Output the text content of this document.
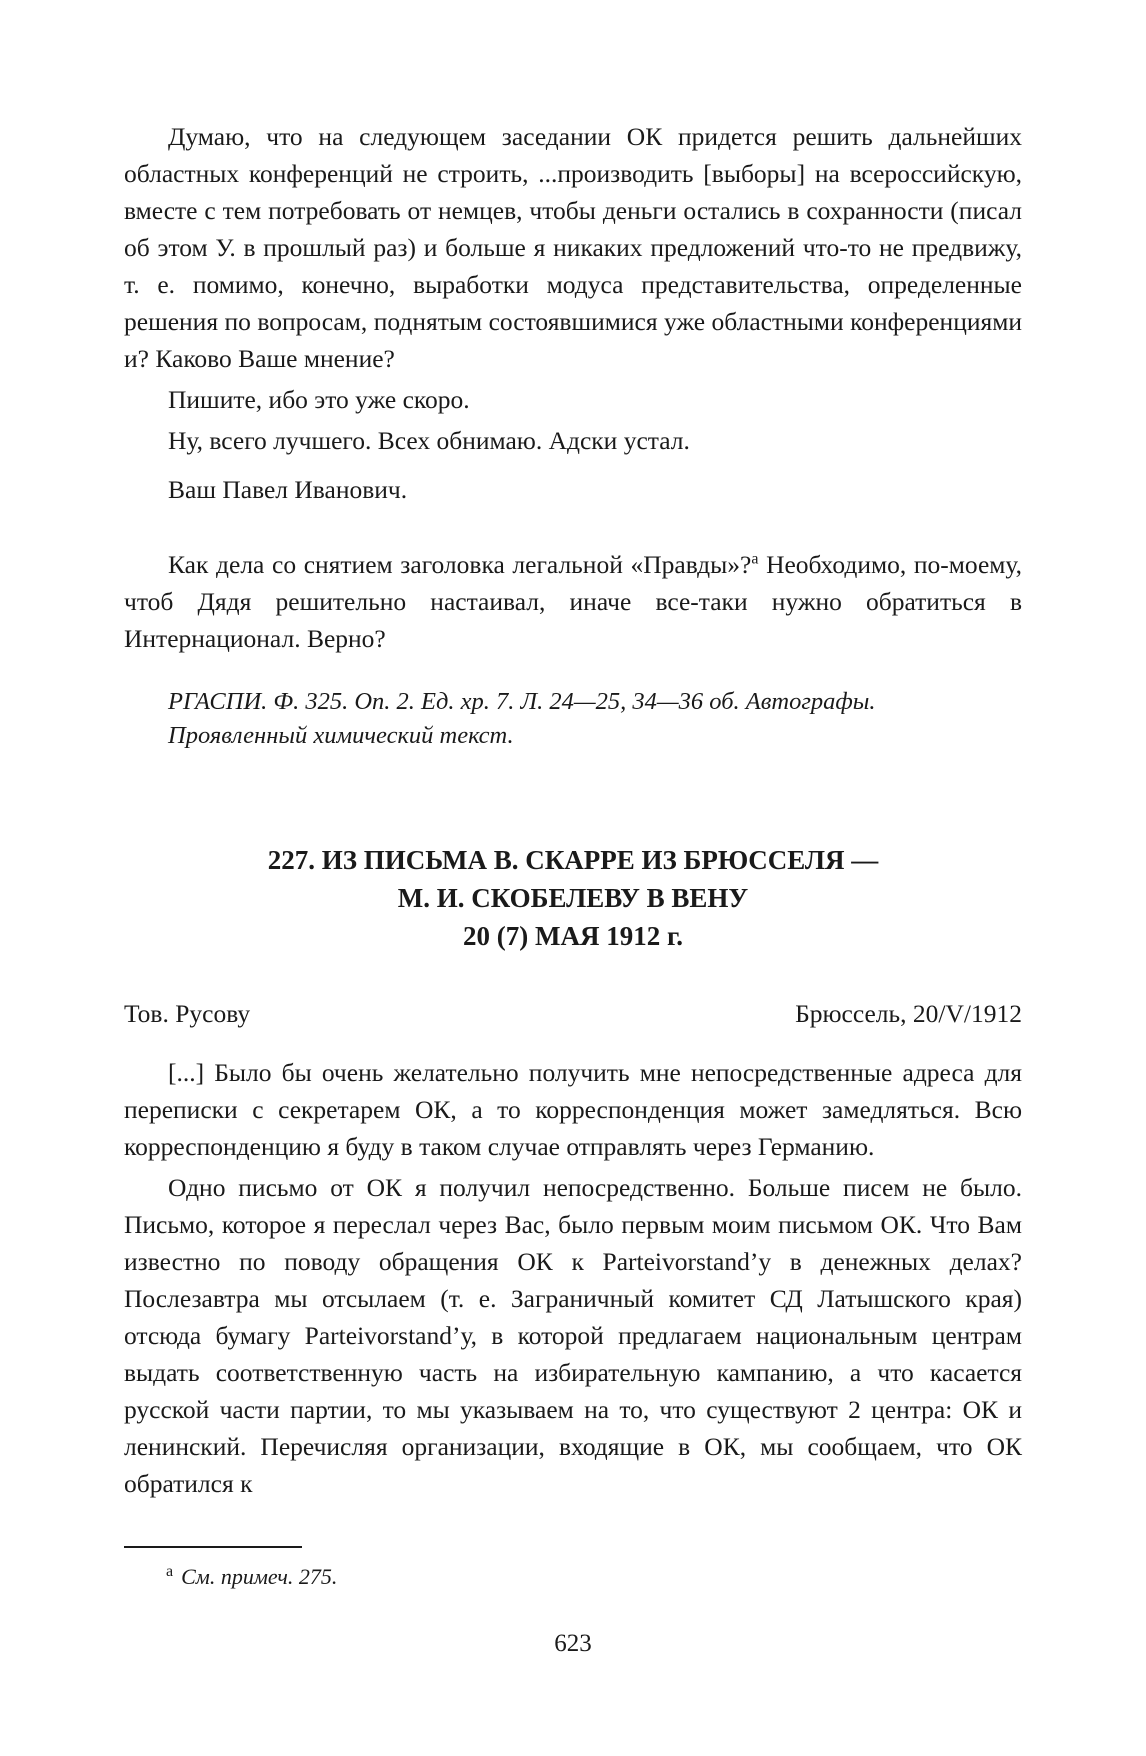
Думаю, что на следующем заседании ОК придется решить дальнейших областных конференций не строить, ...производить [выборы] на всероссийскую, вместе с тем потребовать от немцев, чтобы деньги остались в сохранности (писал об этом У. в прошлый раз) и больше я никаких предложений что-то не предвижу, т. е. помимо, конечно, выработки модуса представительства, определенные решения по вопросам, поднятым состоявшимися уже областными конференциями и? Каково Ваше мнение?

Пишите, ибо это уже скоро.

Ну, всего лучшего. Всех обнимаю. Адски устал.

Ваш Павел Иванович.

Как дела со снятием заголовка легальной «Правды»?$^а$ Необходимо, по-моему, чтоб Дядя решительно настаивал, иначе все-таки нужно обратиться в Интернационал. Верно?

РГАСПИ. Ф. 325. Оп. 2. Ед. хр. 7. Л. 24—25, 34—36 об. Автографы.
Проявленный химический текст.
227. ИЗ ПИСЬМА В. СКАРРЕ ИЗ БРЮССЕЛЯ —
М. И. СКОБЕЛЕВУ В ВЕНУ
20 (7) МАЯ 1912 г.
Тов. Русову	Брюссель, 20/V/1912

[...] Было бы очень желательно получить мне непосредственные адреса для переписки с секретарем ОК, а то корреспонденция может замедляться. Всю корреспонденцию я буду в таком случае отправлять через Германию.

Одно письмо от ОК я получил непосредственно. Больше писем не было. Письмо, которое я переслал через Вас, было первым моим письмом ОК. Что Вам известно по поводу обращения ОК к Parteivorstand’у в денежных делах? Послезавтра мы отсылаем (т. е. Заграничный комитет СД Латышского края) отсюда бумагу Parteivorstand’у, в которой предлагаем национальным центрам выдать соответственную часть на избирательную кампанию, а что касается русской части партии, то мы указываем на то, что существуют 2 центра: ОК и ленинский. Перечисляя организации, входящие в ОК, мы сообщаем, что ОК обратился к

$^а$ См. примеч. 275.
623
